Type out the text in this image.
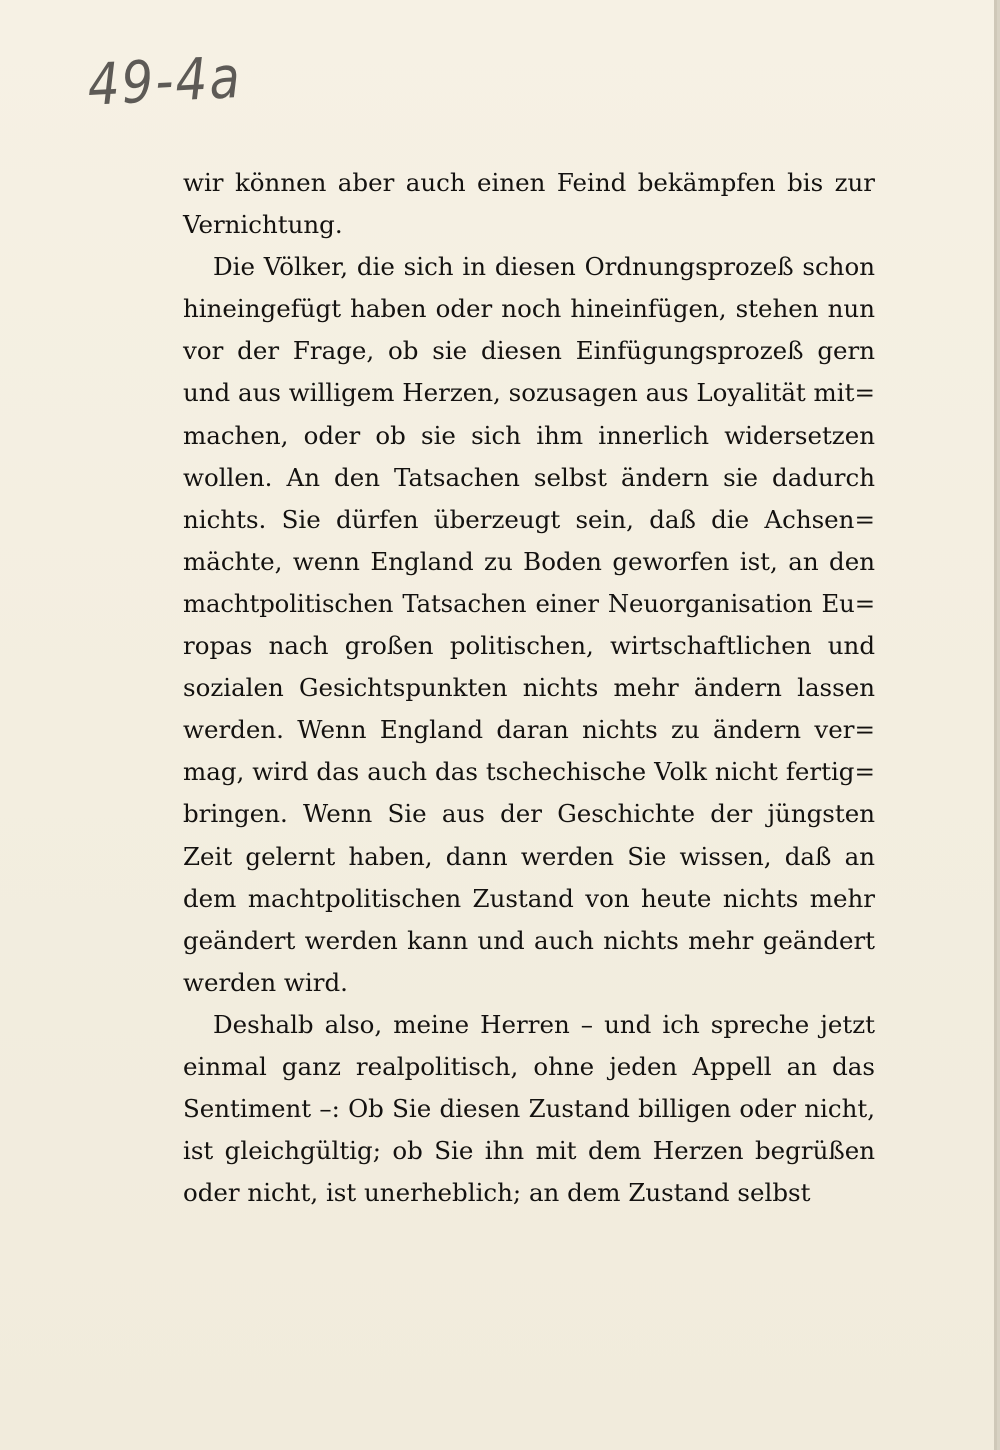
49-4a
wir können aber auch einen Feind bekämpfen bis zur
Vernichtung.
Die Völker, die sich in diesen Ordnungsprozeß schon
hineingefügt haben oder noch hineinfügen, stehen nun
vor der Frage, ob sie diesen Einfügungsprozeß gern
und aus willigem Herzen, sozusagen aus Loyalität mit=
machen, oder ob sie sich ihm innerlich widersetzen
wollen. An den Tatsachen selbst ändern sie dadurch
nichts. Sie dürfen überzeugt sein, daß die Achsen=
mächte, wenn England zu Boden geworfen ist, an den
machtpolitischen Tatsachen einer Neuorganisation Eu=
ropas nach großen politischen, wirtschaftlichen und
sozialen Gesichtspunkten nichts mehr ändern lassen
werden. Wenn England daran nichts zu ändern ver=
mag, wird das auch das tschechische Volk nicht fertig=
bringen. Wenn Sie aus der Geschichte der jüngsten
Zeit gelernt haben, dann werden Sie wissen, daß an
dem machtpolitischen Zustand von heute nichts mehr
geändert werden kann und auch nichts mehr geändert
werden wird.
Deshalb also, meine Herren – und ich spreche jetzt
einmal ganz realpolitisch, ohne jeden Appell an das
Sentiment –: Ob Sie diesen Zustand billigen oder nicht,
ist gleichgültig; ob Sie ihn mit dem Herzen begrüßen
oder nicht, ist unerheblich; an dem Zustand selbst
